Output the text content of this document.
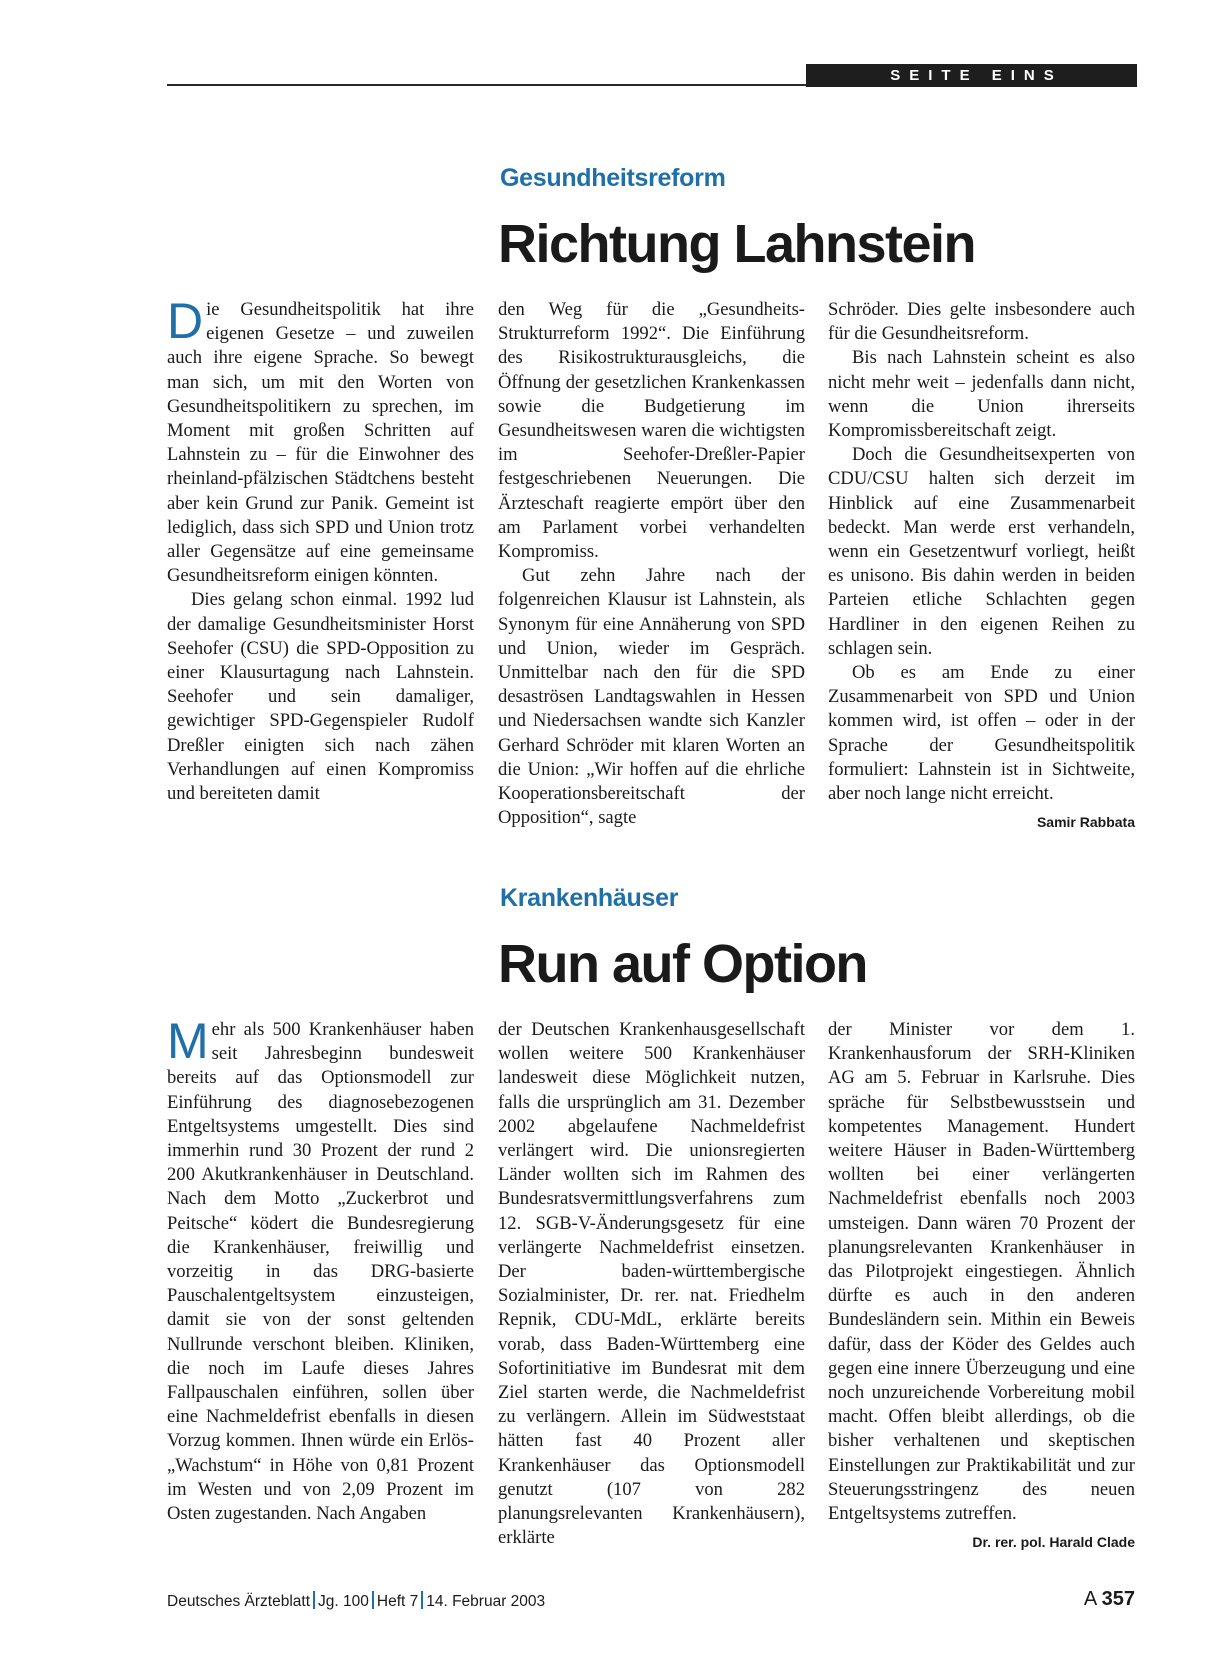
SEITE EINS
Gesundheitsreform
Richtung Lahnstein

Die Gesundheitspolitik hat ihre eigenen Gesetze – und zuweilen auch ihre eigene Sprache. So bewegt man sich, um mit den Worten von Gesundheitspolitikern zu sprechen, im Moment mit großen Schritten auf Lahnstein zu – für die Einwohner des rheinland-pfälzischen Städtchens besteht aber kein Grund zur Panik. Gemeint ist lediglich, dass sich SPD und Union trotz aller Gegensätze auf eine gemeinsame Gesundheitsreform einigen könnten.

Dies gelang schon einmal. 1992 lud der damalige Gesundheitsminister Horst Seehofer (CSU) die SPD-Opposition zu einer Klausurtagung nach Lahnstein. Seehofer und sein damaliger, gewichtiger SPD-Gegenspieler Rudolf Dreßler einigten sich nach zähen Verhandlungen auf einen Kompromiss und bereiteten damit

den Weg für die „Gesundheits-Strukturreform 1992“. Die Einführung des Risikostrukturausgleichs, die Öffnung der gesetzlichen Krankenkassen sowie die Budgetierung im Gesundheitswesen waren die wichtigsten im Seehofer-Dreßler-Papier festgeschriebenen Neuerungen. Die Ärzteschaft reagierte empört über den am Parlament vorbei verhandelten Kompromiss.

Gut zehn Jahre nach der folgenreichen Klausur ist Lahnstein, als Synonym für eine Annäherung von SPD und Union, wieder im Gespräch. Unmittelbar nach den für die SPD desaströsen Landtagswahlen in Hessen und Niedersachsen wandte sich Kanzler Gerhard Schröder mit klaren Worten an die Union: „Wir hoffen auf die ehrliche Kooperationsbereitschaft der Opposition“, sagte

Schröder. Dies gelte insbesondere auch für die Gesundheitsreform.

Bis nach Lahnstein scheint es also nicht mehr weit – jedenfalls dann nicht, wenn die Union ihrerseits Kompromissbereitschaft zeigt.

Doch die Gesundheitsexperten von CDU/CSU halten sich derzeit im Hinblick auf eine Zusammenarbeit bedeckt. Man werde erst verhandeln, wenn ein Gesetzentwurf vorliegt, heißt es unisono. Bis dahin werden in beiden Parteien etliche Schlachten gegen Hardliner in den eigenen Reihen zu schlagen sein.

Ob es am Ende zu einer Zusammenarbeit von SPD und Union kommen wird, ist offen – oder in der Sprache der Gesundheitspolitik formuliert: Lahnstein ist in Sichtweite, aber noch lange nicht erreicht.
Samir Rabbata

Krankenhäuser
Run auf Option

Mehr als 500 Krankenhäuser haben seit Jahresbeginn bundesweit bereits auf das Optionsmodell zur Einführung des diagnosebezogenen Entgeltsystems umgestellt. Dies sind immerhin rund 30 Prozent der rund 2 200 Akutkrankenhäuser in Deutschland. Nach dem Motto „Zuckerbrot und Peitsche“ ködert die Bundesregierung die Krankenhäuser, freiwillig und vorzeitig in das DRG-basierte Pauschalentgeltsystem einzusteigen, damit sie von der sonst geltenden Nullrunde verschont bleiben. Kliniken, die noch im Laufe dieses Jahres Fallpauschalen einführen, sollen über eine Nachmeldefrist ebenfalls in diesen Vorzug kommen. Ihnen würde ein Erlös-„Wachstum“ in Höhe von 0,81 Prozent im Westen und von 2,09 Prozent im Osten zugestanden. Nach Angaben

der Deutschen Krankenhausgesellschaft wollen weitere 500 Krankenhäuser landesweit diese Möglichkeit nutzen, falls die ursprünglich am 31. Dezember 2002 abgelaufene Nachmeldefrist verlängert wird. Die unionsregierten Länder wollten sich im Rahmen des Bundesratsvermittlungsverfahrens zum 12. SGB-V-Änderungsgesetz für eine verlängerte Nachmeldefrist einsetzen. Der baden-württembergische Sozialminister, Dr. rer. nat. Friedhelm Repnik, CDU-MdL, erklärte bereits vorab, dass Baden-Württemberg eine Sofortinitiative im Bundesrat mit dem Ziel starten werde, die Nachmeldefrist zu verlängern. Allein im Südweststaat hätten fast 40 Prozent aller Krankenhäuser das Optionsmodell genutzt (107 von 282 planungsrelevanten Krankenhäusern), erklärte

der Minister vor dem 1. Krankenhausforum der SRH-Kliniken AG am 5. Februar in Karlsruhe. Dies spräche für Selbstbewusstsein und kompetentes Management. Hundert weitere Häuser in Baden-Württemberg wollten bei einer verlängerten Nachmeldefrist ebenfalls noch 2003 umsteigen. Dann wären 70 Prozent der planungsrelevanten Krankenhäuser in das Pilotprojekt eingestiegen. Ähnlich dürfte es auch in den anderen Bundesländern sein. Mithin ein Beweis dafür, dass der Köder des Geldes auch gegen eine innere Überzeugung und eine noch unzureichende Vorbereitung mobil macht. Offen bleibt allerdings, ob die bisher verhaltenen und skeptischen Einstellungen zur Praktikabilität und zur Steuerungsstringenz des neuen Entgeltsystems zutreffen.
Dr. rer. pol. Harald Clade

Deutsches Ärzteblatt Jg. 100 Heft 7 14. Februar 2003	A 357
